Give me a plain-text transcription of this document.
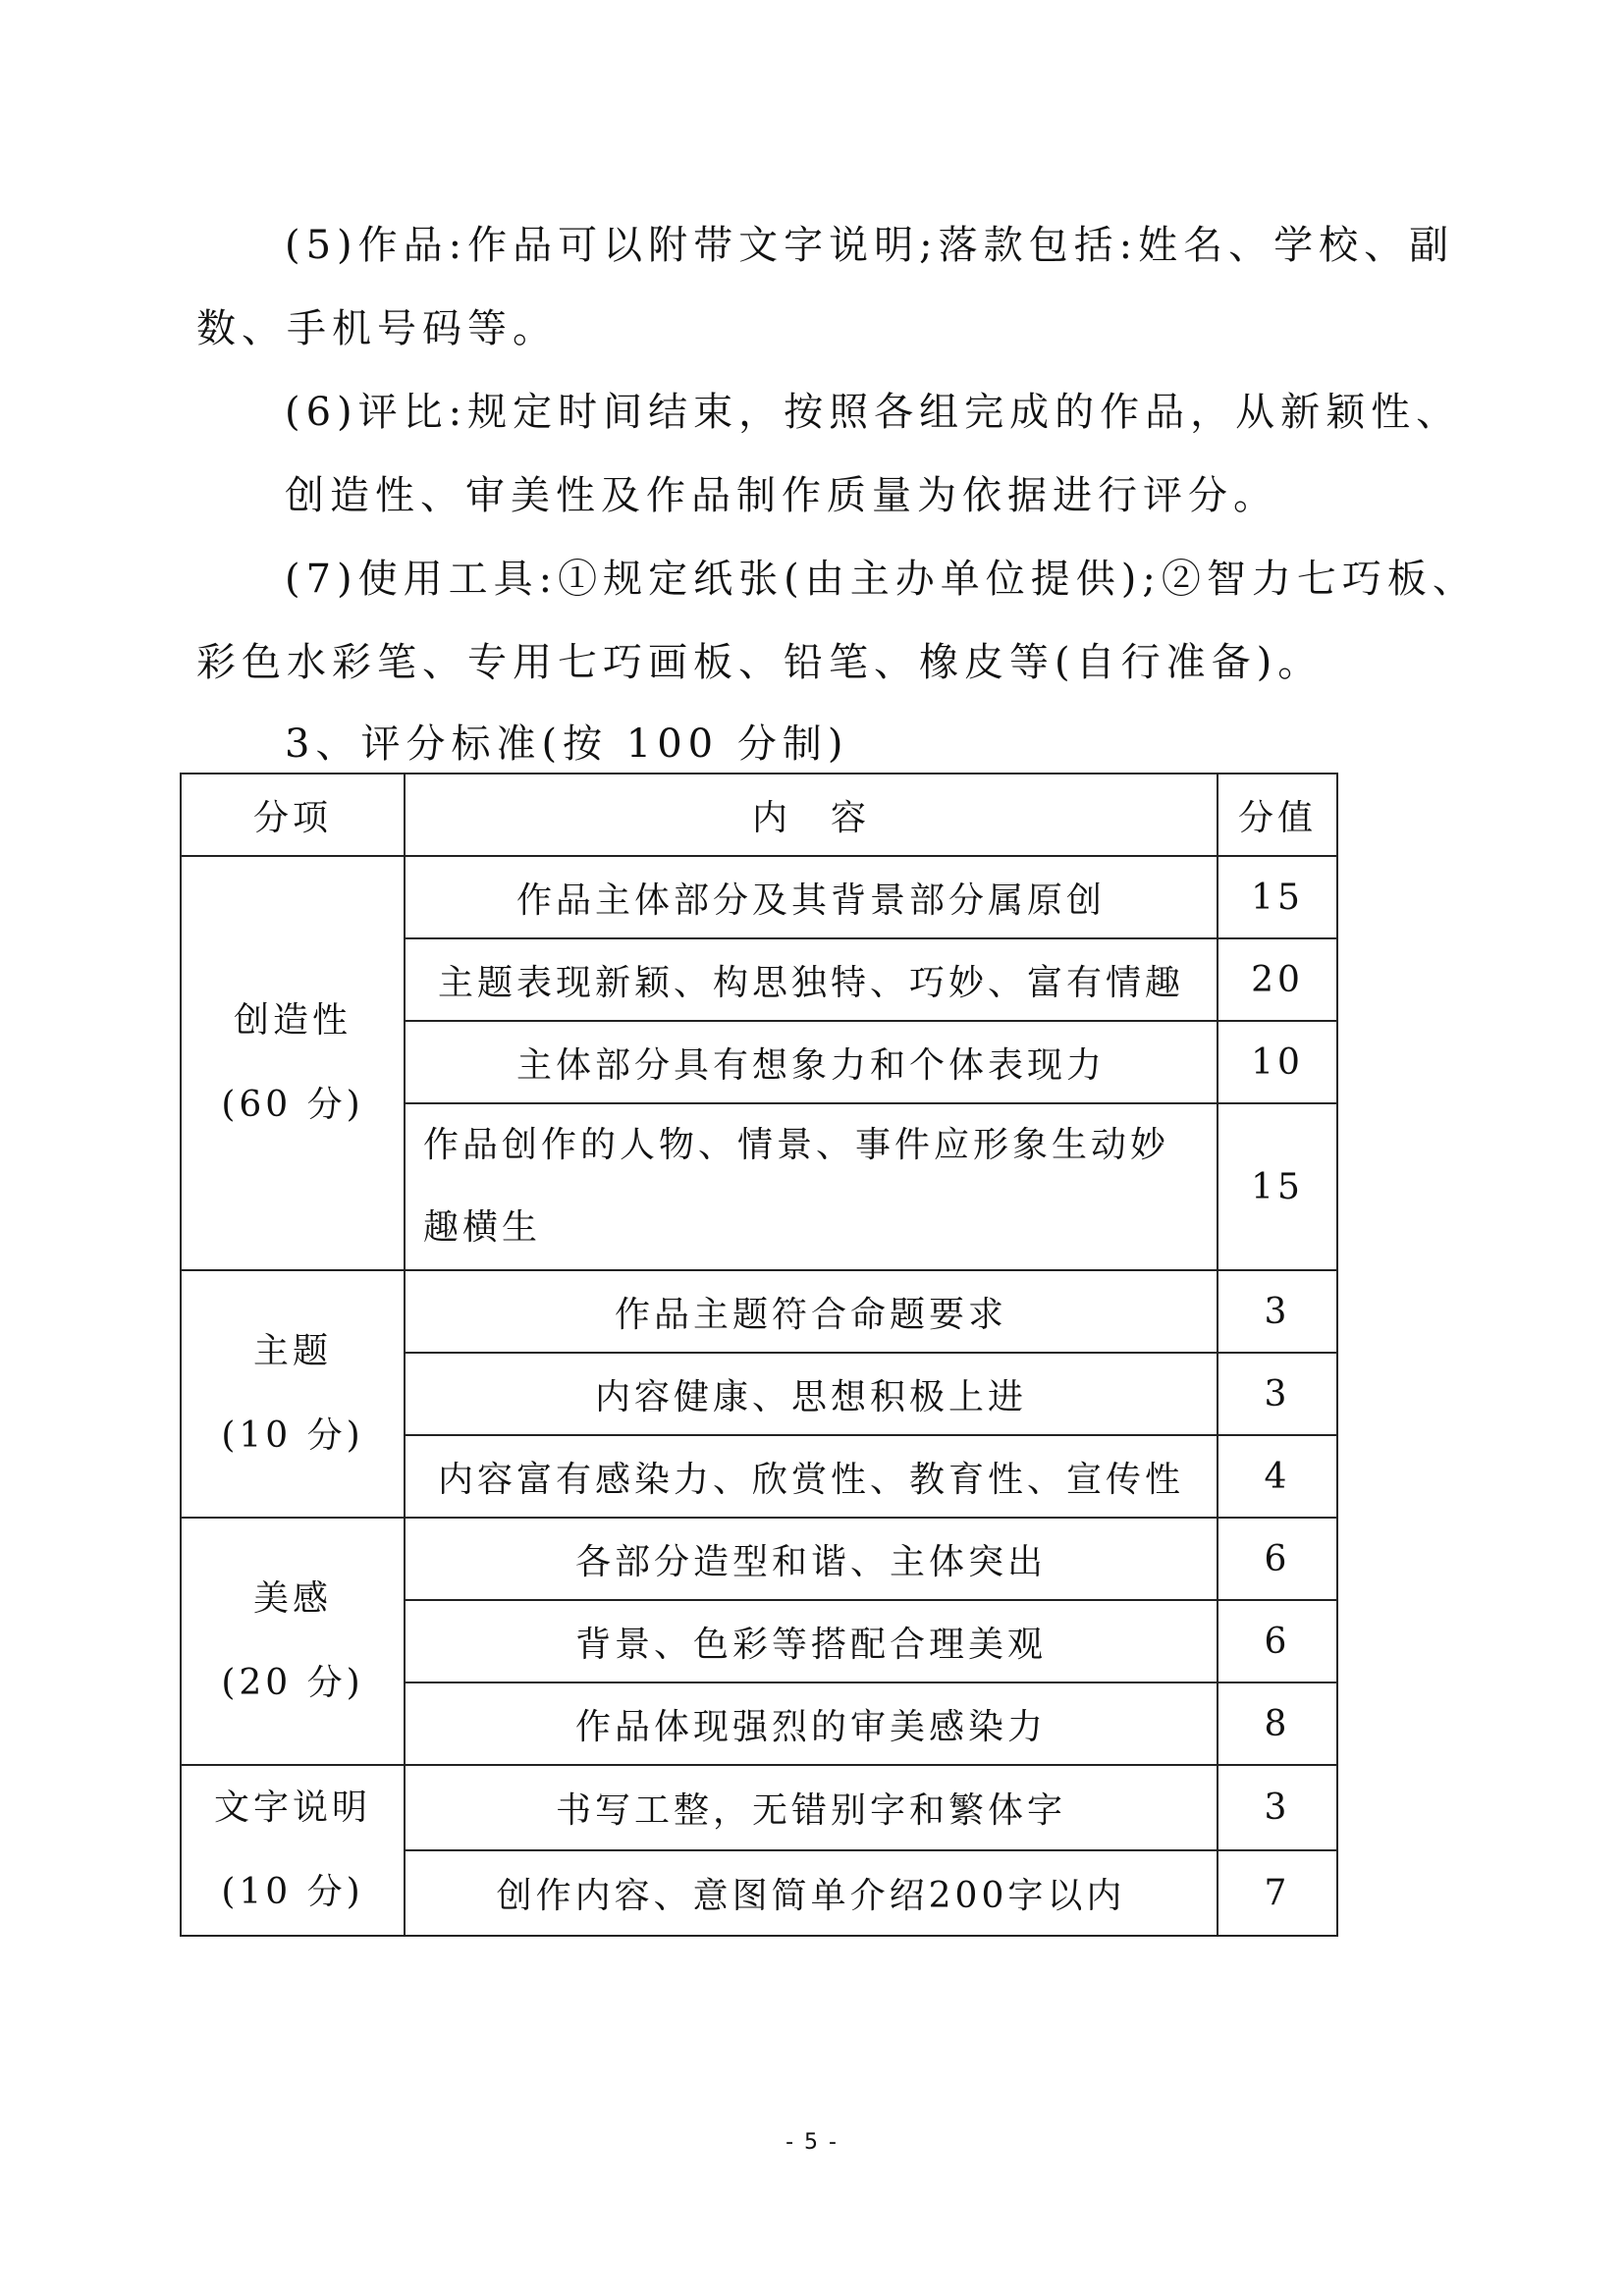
(5)作品:作品可以附带文字说明;落款包括:姓名、学校、副

数、手机号码等。

(6)评比:规定时间结束，按照各组完成的作品，从新颖性、

创造性、审美性及作品制作质量为依据进行评分。

(7)使用工具:①规定纸张(由主办单位提供);②智力七巧板、

彩色水彩笔、专用七巧画板、铅笔、橡皮等(自行准备)。

3、评分标准(按 100 分制)

分项	内　容	分值

创造性
(60 分)	作品主体部分及其背景部分属原创	15
	主题表现新颖、构思独特、巧妙、富有情趣	20
	主体部分具有想象力和个体表现力	10

	作品创作的人物、情景、事件应形象生动妙趣横生	15

主题
(10 分)	作品主题符合命题要求	3
	内容健康、思想积极上进	3
	内容富有感染力、欣赏性、教育性、宣传性	4

美感
(20 分)	各部分造型和谐、主体突出	6
	背景、色彩等搭配合理美观	6
	作品体现强烈的审美感染力	8

文字说明
(10 分)	书写工整，无错别字和繁体字	3
	创作内容、意图简单介绍200字以内	7
- 5 -
